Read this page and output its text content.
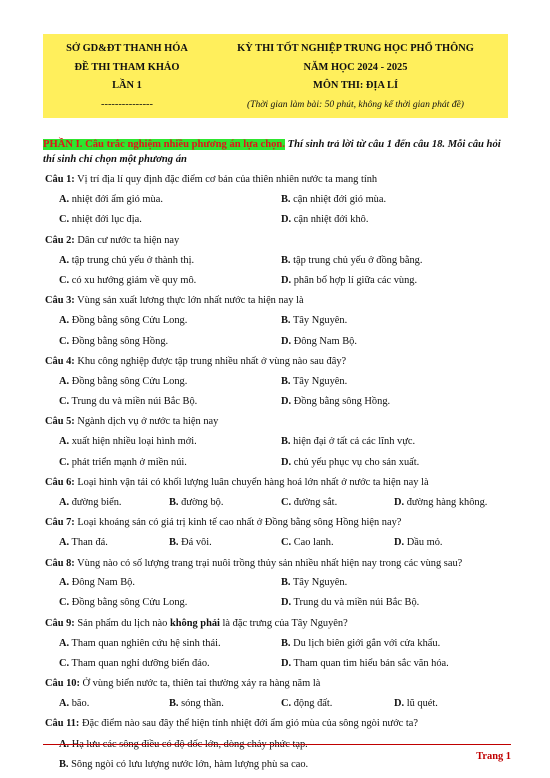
SỞ GD&ĐT THANH HÓA
ĐỀ THI THAM KHẢO
LẦN 1
---------------
KỲ THI TỐT NGHIỆP TRUNG HỌC PHỔ THÔNG
NĂM HỌC 2024 - 2025
MÔN THI: ĐỊA LÍ
(Thời gian làm bài: 50 phút, không kể thời gian phát đề)
PHẦN I. Câu trắc nghiệm nhiều phương án lựa chọn. Thí sinh trả lời từ câu 1 đến câu 18. Mỗi câu hỏi thí sinh chỉ chọn một phương án
Câu 1: Vị trí địa lí quy định đặc điểm cơ bản của thiên nhiên nước ta mang tính
A. nhiệt đới ẩm gió mùa.	B. cận nhiệt đới gió mùa.
C. nhiệt đới lục địa.	D. cận nhiệt đới khô.
Câu 2: Dân cư nước ta hiện nay
A. tập trung chủ yếu ở thành thị.	B. tập trung chủ yếu ở đồng bằng.
C. có xu hướng giảm về quy mô.	D. phân bố hợp lí giữa các vùng.
Câu 3: Vùng sản xuất lương thực lớn nhất nước ta hiện nay là
A. Đồng bằng sông Cửu Long.	B. Tây Nguyên.
C. Đồng bằng sông Hồng.	D. Đông Nam Bộ.
Câu 4: Khu công nghiệp được tập trung nhiều nhất ở vùng nào sau đây?
A. Đồng bằng sông Cửu Long.	B. Tây Nguyên.
C. Trung du và miền núi Bắc Bộ.	D. Đồng bằng sông Hồng.
Câu 5: Ngành dịch vụ ở nước ta hiện nay
A. xuất hiện nhiều loại hình mới.	B. hiện đại ở tất cả các lĩnh vực.
C. phát triển mạnh ở miền núi.	D. chủ yếu phục vụ cho sản xuất.
Câu 6: Loại hình vận tải có khối lượng luân chuyển hàng hoá lớn nhất ở nước ta hiện nay là
A. đường biển.	B. đường bộ.	C. đường sắt.	D. đường hàng không.
Câu 7: Loại khoáng sản có giá trị kinh tế cao nhất ở Đồng bằng sông Hồng hiện nay?
A. Than đá.	B. Đá vôi.	C. Cao lanh.	D. Dầu mỏ.
Câu 8: Vùng nào có số lượng trang trại nuôi trồng thủy sản nhiều nhất hiện nay trong các vùng sau?
A. Đông Nam Bộ.	B. Tây Nguyên.
C. Đồng bằng sông Cửu Long.	D. Trung du và miền núi Bắc Bộ.
Câu 9: Sản phẩm du lịch nào không phải là đặc trưng của Tây Nguyên?
A. Tham quan nghiên cứu hệ sinh thái.	B. Du lịch biên giới gắn với cửa khẩu.
C. Tham quan nghỉ dưỡng biển đảo.	D. Tham quan tìm hiểu bản sắc văn hóa.
Câu 10: Ở vùng biển nước ta, thiên tai thường xảy ra hàng năm là
A. bão.	B. sóng thần.	C. động đất.	D. lũ quét.
Câu 11: Đặc điểm nào sau đây thể hiện tính nhiệt đới ẩm gió mùa của sông ngòi nước ta?
A. Hạ lưu các sông điều có độ dốc lớn, dòng chảy phức tạp.
B. Sông ngòi có lưu lượng nước lớn, hàm lượng phù sa cao.
Trang 1
